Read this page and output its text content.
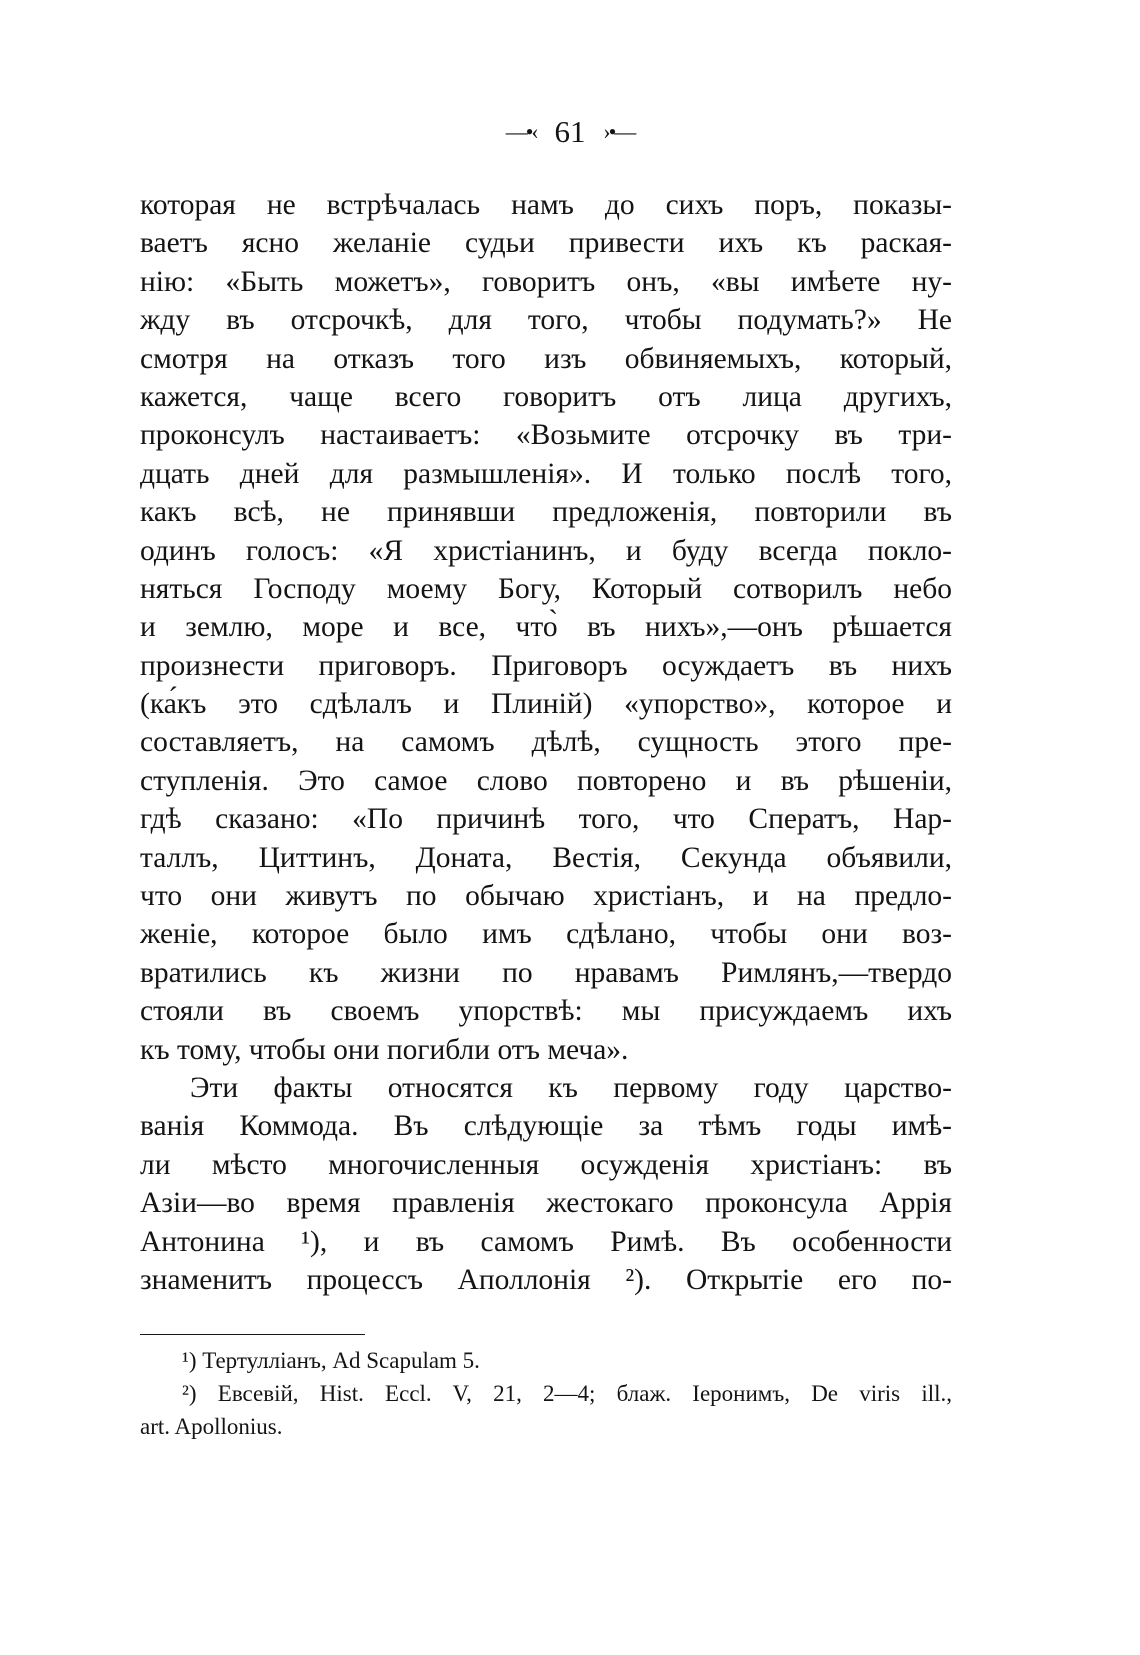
—•‹ 61 ›•—
которая не встрѣчалась намъ до сихъ поръ, показы-
ваетъ ясно желаніе судьи привести ихъ къ раская-
нію: «Быть можетъ», говоритъ онъ, «вы имѣете ну-
жду въ отсрочкѣ, для того, чтобы подумать?» Не
смотря на отказъ того изъ обвиняемыхъ, который,
кажется, чаще всего говоритъ отъ лица другихъ,
проконсулъ настаиваетъ: «Возьмите отсрочку въ три-
дцать дней для размышленія». И только послѣ того,
какъ всѣ, не принявши предложенія, повторили въ
одинъ голосъ: «Я христіанинъ, и буду всегда покло-
няться Господу моему Богу, Который сотворилъ небо
и землю, море и все, что̀ въ нихъ»,—онъ рѣшается
произнести приговоръ. Приговоръ осуждаетъ въ нихъ
(ка́къ это сдѣлалъ и Плиній) «упорство», которое и
составляетъ, на самомъ дѣлѣ, сущность этого пре-
ступленія. Это самое слово повторено и въ рѣшеніи,
гдѣ сказано: «По причинѣ того, что Сператъ, Нар-
таллъ, Циттинъ, Доната, Вестія, Секунда объявили,
что они живутъ по обычаю христіанъ, и на предло-
женіе, которое было имъ сдѣлано, чтобы они воз-
вратились къ жизни по нравамъ Римлянъ,—твердо
стояли въ своемъ упорствѣ: мы присуждаемъ ихъ
къ тому, чтобы они погибли отъ меча».
Эти факты относятся къ первому году царство-
ванія Коммода. Въ слѣдующіе за тѣмъ годы имѣ-
ли мѣсто многочисленныя осужденія христіанъ: въ
Азіи—во время правленія жестокаго проконсула Аррія
Антонина ¹), и въ самомъ Римѣ. Въ особенности
знаменитъ процессъ Аполлонія ²). Открытіе его по-
¹) Тертулліанъ, Ad Scapulam 5.
²) Евсевій, Hist. Eccl. V, 21, 2—4; блаж. Іеронимъ, De viris ill.,
art. Apollonius.
